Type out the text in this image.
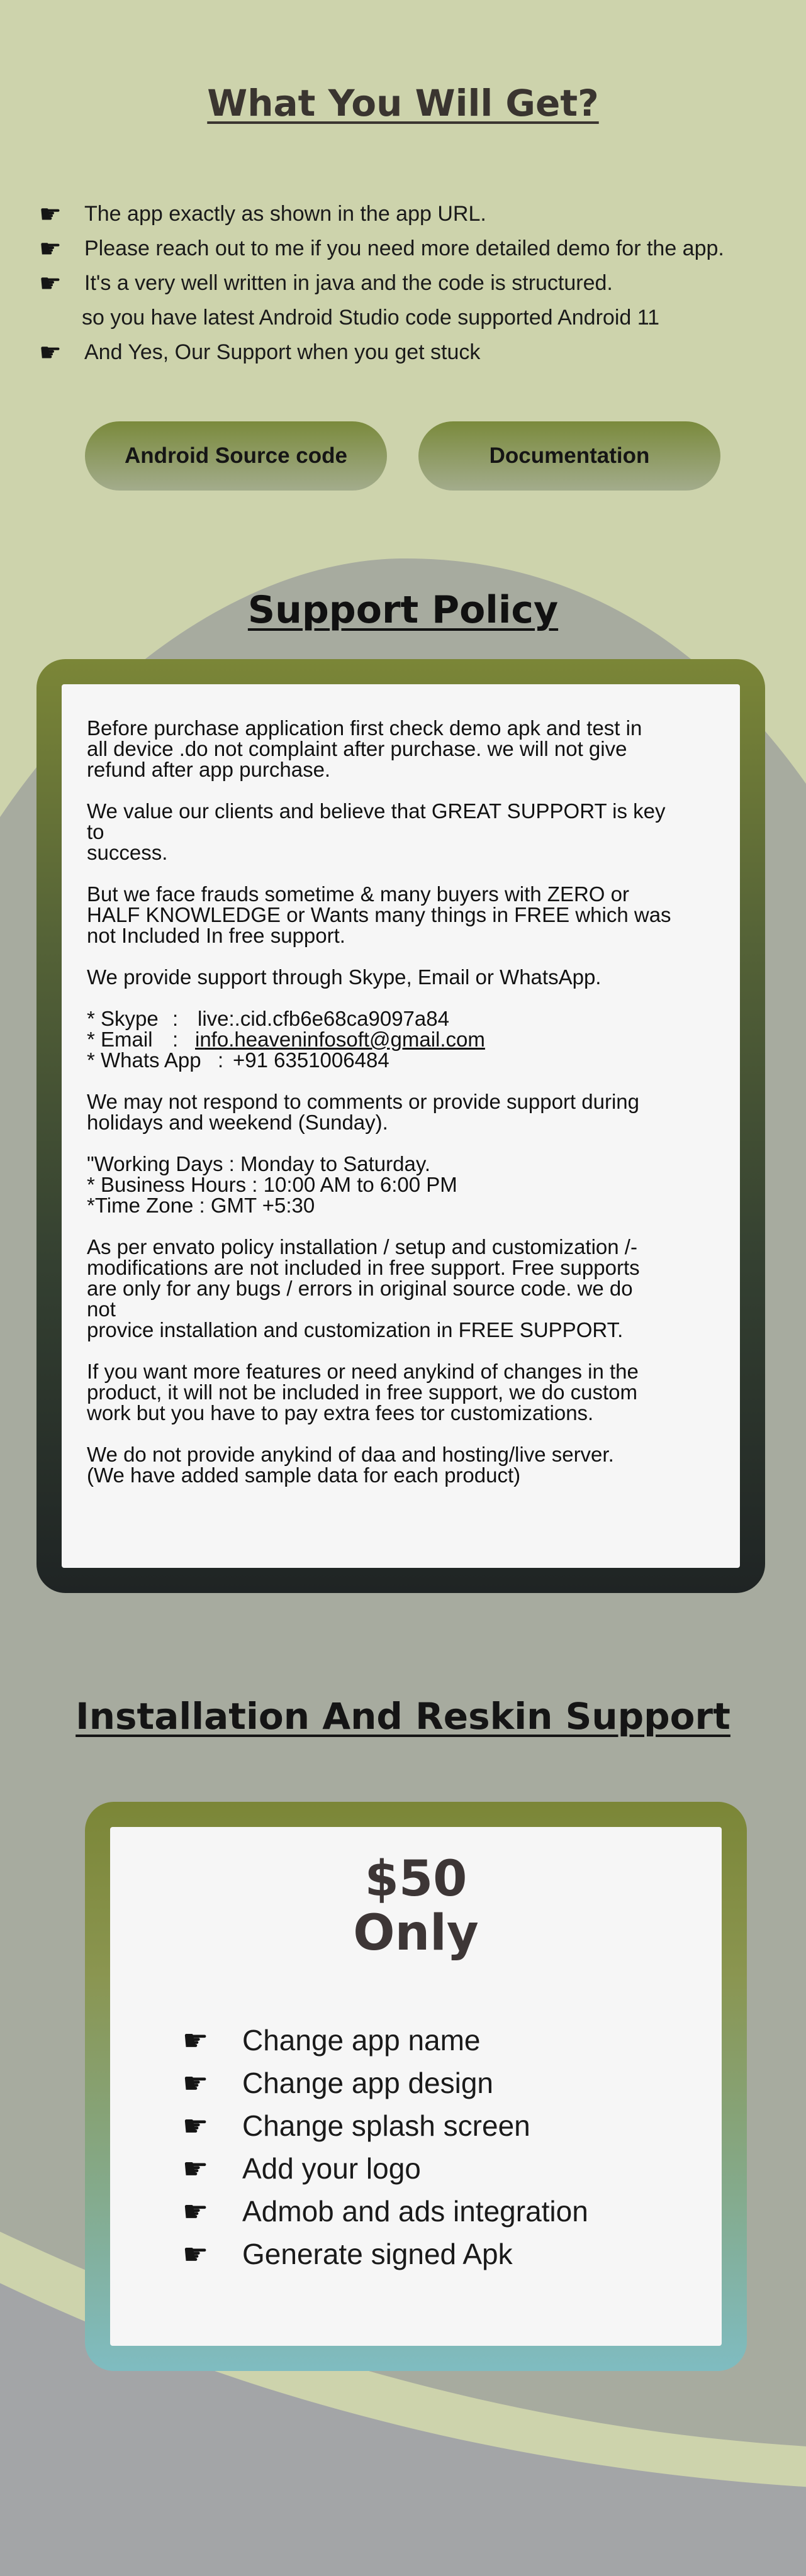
What You Will Get?
☛	The app exactly as shown in the app URL.
☛	Please reach out to me if you need more detailed demo for the app.
☛	It's a very well written in java and the code is structured.
so you have latest Android Studio code supported Android 11
☛	And Yes, Our Support when you get stuck
Android Source code	Documentation
Support Policy

Before purchase application first check demo apk and test in
all device .do not complaint after purchase. we will not give
refund after app purchase.

We value our clients and believe that GREAT SUPPORT is key
to
success.

But we face frauds sometime & many buyers with ZERO or
HALF KNOWLEDGE or Wants many things in FREE which was
not Included In free support.

We provide support through Skype, Email or WhatsApp.

* Skype : live:.cid.cfb6e68ca9097a84
* Email : info.heaveninfosoft@gmail.com
* Whats App : +91 6351006484

We may not respond to comments or provide support during
holidays and weekend (Sunday).

"Working Days : Monday to Saturday.
* Business Hours : 10:00 AM to 6:00 PM
*Time Zone : GMT +5:30

As per envato policy installation / setup and customization /-
modifications are not included in free support. Free supports
are only for any bugs / errors in original source code. we do
not
provice installation and customization in FREE SUPPORT.

If you want more features or need anykind of changes in the
product, it will not be included in free support, we do custom
work but you have to pay extra fees tor customizations.

We do not provide anykind of daa and hosting/live server.
(We have added sample data for each product)

Installation And Reskin Support
$50
Only
☛	Change app name
☛	Change app design
☛	Change splash screen
☛	Add your logo
☛	Admob and ads integration
☛	Generate signed Apk
